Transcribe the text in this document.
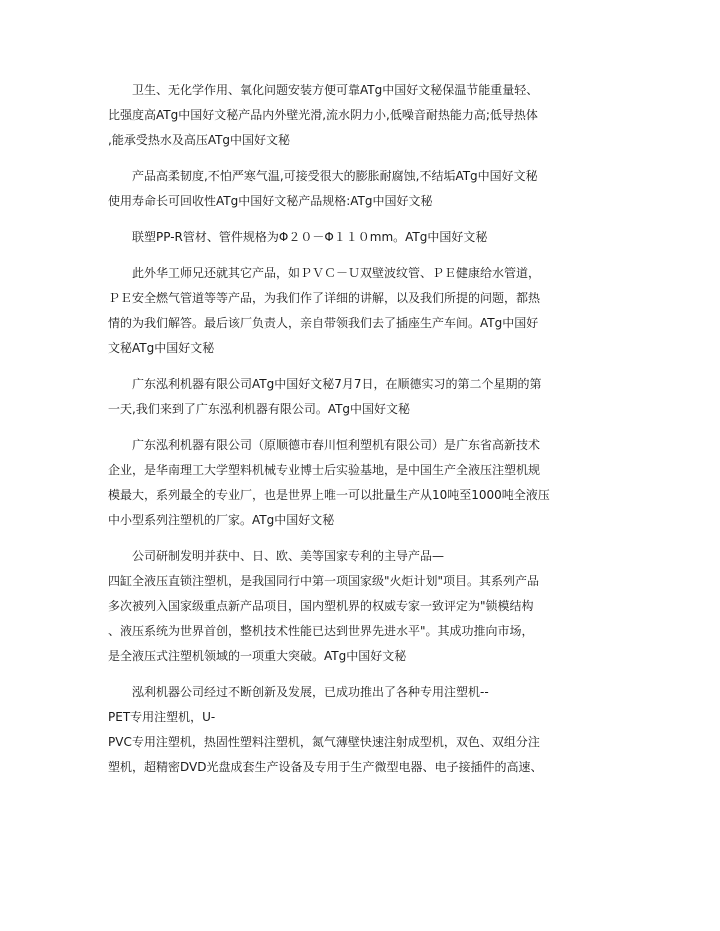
卫生、无化学作用、氧化问题安装方便可靠ATg中国好文秘保温节能重量轻、
比强度高ATg中国好文秘产品内外壁光滑,流水阴力小,低噪音耐热能力高;低导热体
,能承受热水及高压ATg中国好文秘

产品高柔韧度,不怕严寒气温,可接受很大的膨胀耐腐蚀,不结垢ATg中国好文秘
使用寿命长可回收性ATg中国好文秘产品规格:ATg中国好文秘

联塑PP-R管材、管件规格为Φ２０－Φ１１０mm。ATg中国好文秘

此外华工师兄还就其它产品，如ＰＶＣ－Ｕ双壁波纹管、ＰＥ健康给水管道，
ＰＥ安全燃气管道等等产品，为我们作了详细的讲解，以及我们所提的问题，都热
情的为我们解答。最后该厂负责人，亲自带领我们去了插座生产车间。ATg中国好
文秘ATg中国好文秘

广东泓利机器有限公司ATg中国好文秘7月7日，在顺德实习的第二个星期的第
一天,我们来到了广东泓利机器有限公司。ATg中国好文秘

广东泓利机器有限公司（原顺德市春川恒利塑机有限公司）是广东省高新技术
企业，是华南理工大学塑料机械专业博士后实验基地，是中国生产全液压注塑机规
模最大，系列最全的专业厂，也是世界上唯一可以批量生产从10吨至1000吨全液压
中小型系列注塑机的厂家。ATg中国好文秘

公司研制发明并获中、日、欧、美等国家专利的主导产品—

四缸全液压直锁注塑机，是我国同行中第一项国家级"火炬计划"项目。其系列产品
多次被列入国家级重点新产品项目，国内塑机界的权威专家一致评定为"锁模结构
、液压系统为世界首创，整机技术性能已达到世界先进水平"。其成功推向市场，
是全液压式注塑机领域的一项重大突破。ATg中国好文秘

泓利机器公司经过不断创新及发展，已成功推出了各种专用注塑机--

PET专用注塑机，U-

PVC专用注塑机，热固性塑料注塑机，氮气薄壁快速注射成型机，双色、双组分注
塑机，超精密DVD光盘成套生产设备及专用于生产微型电器、电子接插件的高速、
